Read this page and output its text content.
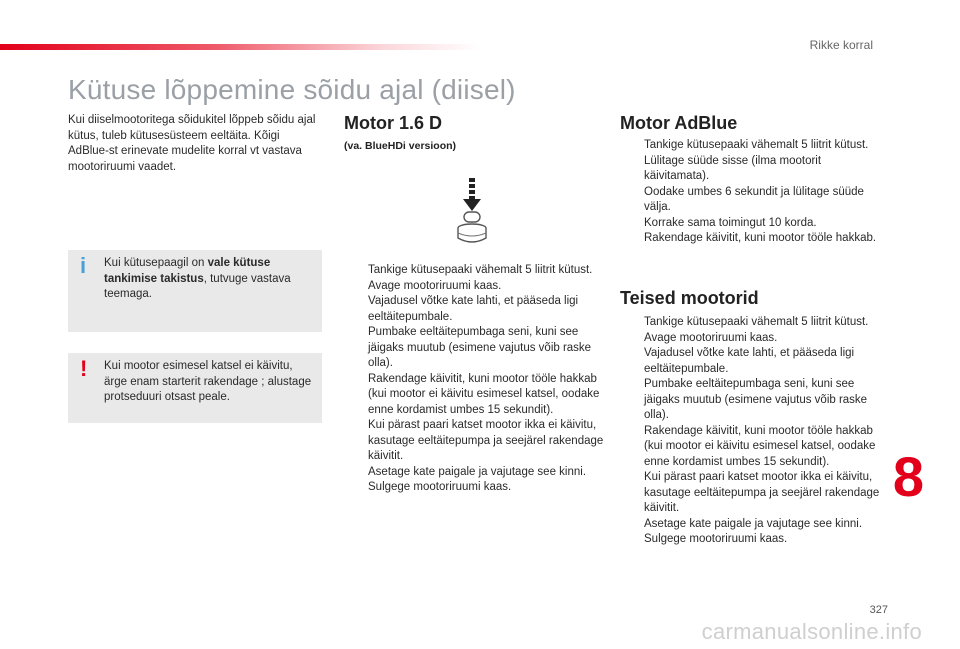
Rikke korral
Kütuse lõppemine sõidu ajal (diisel)

Kui diiselmootoritega sõidukitel lõppeb sõidu ajal kütus, tuleb kütusesüsteem eeltäita. Kõigi AdBlue-st erinevate mudelite korral vt vastava mootoriruumi vaadet.

i Kui kütusepaagil on vale kütuse tankimise takistus, tutvuge vastava teemaga.
! Kui mootor esimesel katsel ei käivitu, ärge enam starterit rakendage ; alustage protseduuri otsast peale.
Motor 1.6 D
(va. BlueHDi versioon)
Tankige kütusepaaki vähemalt 5 liitrit kütust.
Avage mootoriruumi kaas.
Vajadusel võtke kate lahti, et pääseda ligi eeltäitepumbale.
Pumbake eeltäitepumbaga seni, kuni see jäigaks muutub (esimene vajutus võib raske olla).
Rakendage käivitit, kuni mootor tööle hakkab (kui mootor ei käivitu esimesel katsel, oodake enne kordamist umbes 15 sekundit).
Kui pärast paari katset mootor ikka ei käivitu, kasutage eeltäitepumpa ja seejärel rakendage käivitit.
Asetage kate paigale ja vajutage see kinni.
Sulgege mootoriruumi kaas.
Motor AdBlue
Tankige kütusepaaki vähemalt 5 liitrit kütust.
Lülitage süüde sisse (ilma mootorit käivitamata).
Oodake umbes 6 sekundit ja lülitage süüde välja.
Korrake sama toimingut 10 korda.
Rakendage käivitit, kuni mootor tööle hakkab.
Teised mootorid
Tankige kütusepaaki vähemalt 5 liitrit kütust.
Avage mootoriruumi kaas.
Vajadusel võtke kate lahti, et pääseda ligi eeltäitepumbale.
Pumbake eeltäitepumbaga seni, kuni see jäigaks muutub (esimene vajutus võib raske olla).
Rakendage käivitit, kuni mootor tööle hakkab (kui mootor ei käivitu esimesel katsel, oodake enne kordamist umbes 15 sekundit).
Kui pärast paari katset mootor ikka ei käivitu, kasutage eeltäitepumpa ja seejärel rakendage käivitit.
Asetage kate paigale ja vajutage see kinni.
Sulgege mootoriruumi kaas.
8
327
carmanualsonline.info
